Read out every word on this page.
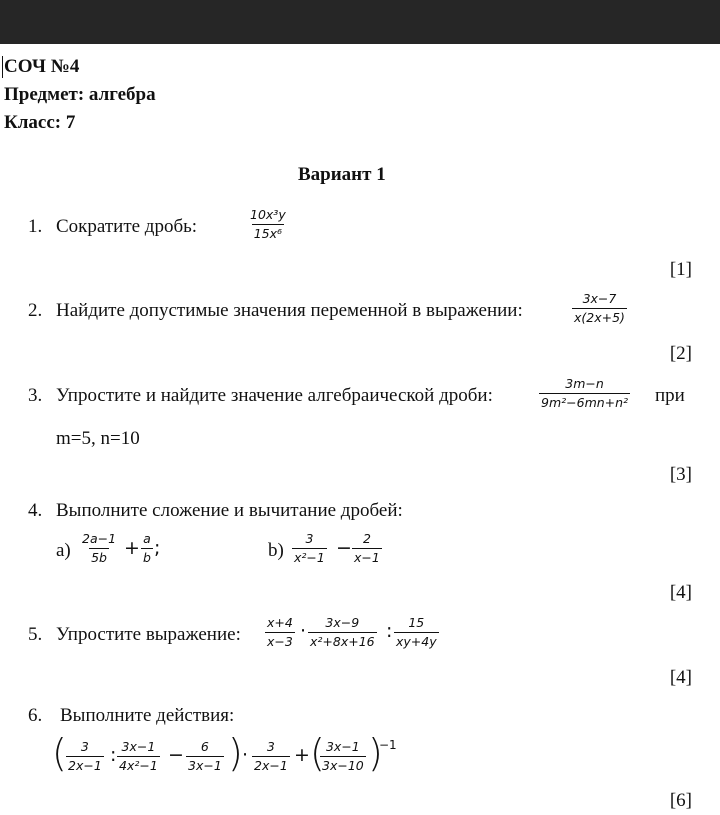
СОЧ №4
Предмет: алгебра
Класс: 7
Вариант 1
1. Сократите дробь:	$\frac{\text{10x³y}}{\text{15x⁶}}$
[1]
2. Найдите допустимые значения переменной в выражении:	$\frac{3x-7}{x(2x+5)}$
[2]
3. Упростите и найдите значение алгебраической дроби:	$\frac{3m-n}{\text{9m²−6mn+n²}}$ при
m=5, n=10
[3]
4. Выполните сложение и вычитание дробей:
$a) \frac{2a-1}{5b} + \frac{a}{b}$ ;	$b) \frac{3}{\text{x²−1}} - \frac{2}{x-1}$
[4]
5. Упростите выражение: $\frac{x+4}{x-3} \cdot \frac{3x-9}{\text{x²+8x+16}}$ : $\frac{15}{xy+4y}$
[4]
6. Выполните действия:
( $\frac{3}{2x-1}$ : $\frac{3x-1}{\text{4x²−1}} - \frac{6}{3x-1}$ ) · $\frac{3}{2x-1}$ + (
$\frac{3x-1}{3x-10}$ )
−1
[6]
